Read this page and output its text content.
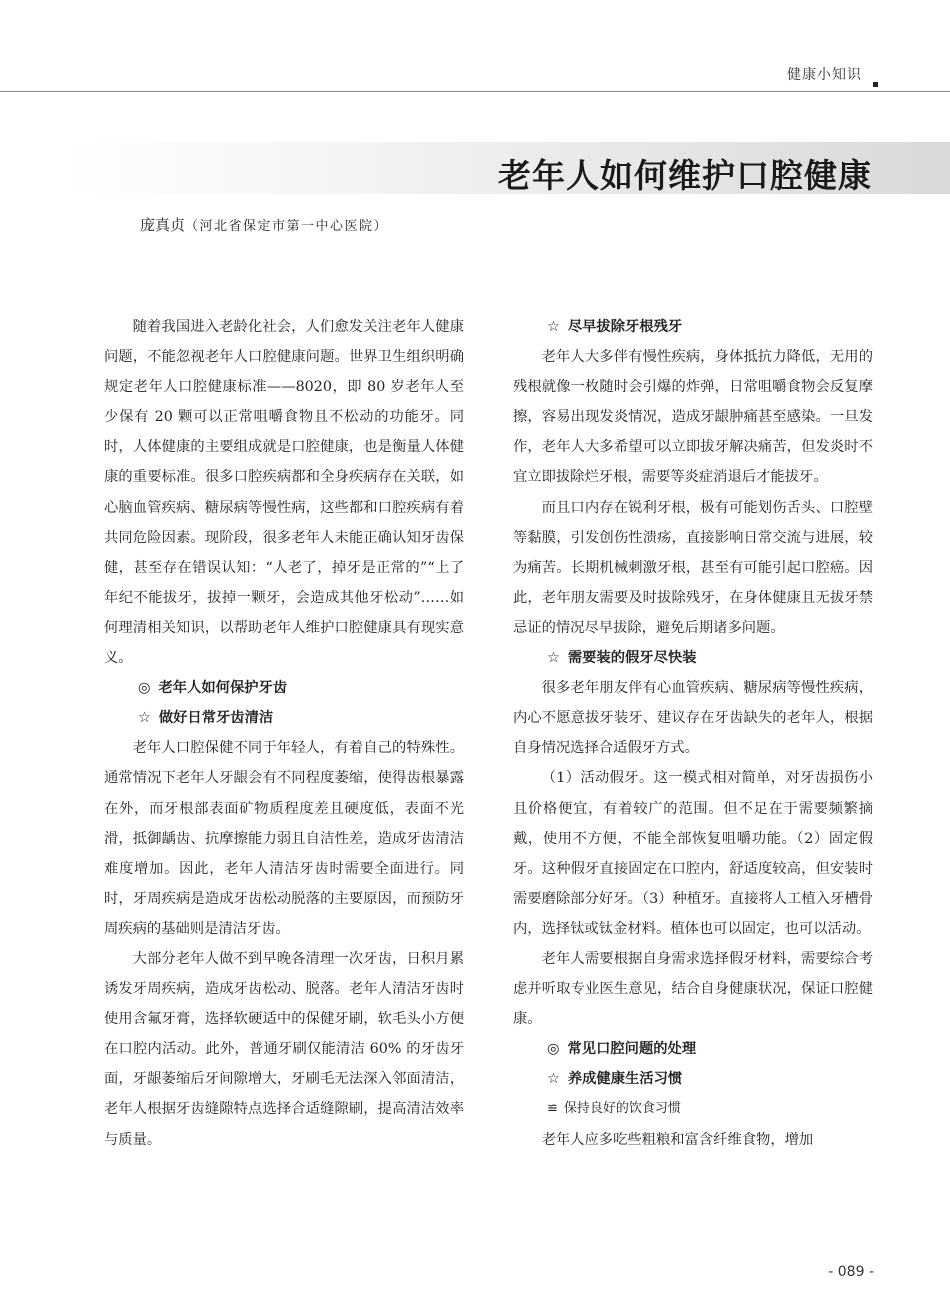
健康小知识
老年人如何维护口腔健康
庞真贞（河北省保定市第一中心医院）

随着我国进入老龄化社会，人们愈发关注老年人健康问题，不能忽视老年人口腔健康问题。世界卫生组织明确规定老年人口腔健康标准——8020，即 80 岁老年人至少保有 20 颗可以正常咀嚼食物且不松动的功能牙。同时，人体健康的主要组成就是口腔健康，也是衡量人体健康的重要标准。很多口腔疾病都和全身疾病存在关联，如心脑血管疾病、糖尿病等慢性病，这些都和口腔疾病有着共同危险因素。现阶段，很多老年人未能正确认知牙齿保健，甚至存在错误认知：“人老了，掉牙是正常的”“上了年纪不能拔牙，拔掉一颗牙，会造成其他牙松动”……如何理清相关知识，以帮助老年人维护口腔健康具有现实意义。

◎ 老年人如何保护牙齿
☆ 做好日常牙齿清洁

老年人口腔保健不同于年轻人，有着自己的特殊性。通常情况下老年人牙龈会有不同程度萎缩，使得齿根暴露在外，而牙根部表面矿物质程度差且硬度低，表面不光滑，抵御龋齿、抗摩擦能力弱且自洁性差，造成牙齿清洁难度增加。因此，老年人清洁牙齿时需要全面进行。同时，牙周疾病是造成牙齿松动脱落的主要原因，而预防牙周疾病的基础则是清洁牙齿。

大部分老年人做不到早晚各清理一次牙齿，日积月累诱发牙周疾病，造成牙齿松动、脱落。老年人清洁牙齿时使用含氟牙膏，选择软硬适中的保健牙刷，软毛头小方便在口腔内活动。此外，普通牙刷仅能清洁 60% 的牙齿牙面，牙龈萎缩后牙间隙增大，牙刷毛无法深入邻面清洁，老年人根据牙齿缝隙特点选择合适缝隙刷，提高清洁效率与质量。

☆ 尽早拔除牙根残牙

老年人大多伴有慢性疾病，身体抵抗力降低，无用的残根就像一枚随时会引爆的炸弹，日常咀嚼食物会反复摩擦，容易出现发炎情况，造成牙龈肿痛甚至感染。一旦发作，老年人大多希望可以立即拔牙解决痛苦，但发炎时不宜立即拔除烂牙根，需要等炎症消退后才能拔牙。

而且口内存在锐利牙根，极有可能划伤舌头、口腔壁等黏膜，引发创伤性溃疡，直接影响日常交流与进展，较为痛苦。长期机械刺激牙根，甚至有可能引起口腔癌。因此，老年朋友需要及时拔除残牙，在身体健康且无拔牙禁忌证的情况尽早拔除，避免后期诸多问题。

☆ 需要装的假牙尽快装

很多老年朋友伴有心血管疾病、糖尿病等慢性疾病，内心不愿意拔牙装牙、建议存在牙齿缺失的老年人，根据自身情况选择合适假牙方式。

（1）活动假牙。这一模式相对简单，对牙齿损伤小且价格便宜，有着较广的范围。但不足在于需要频繁摘戴，使用不方便，不能全部恢复咀嚼功能。（2）固定假牙。这种假牙直接固定在口腔内，舒适度较高，但安装时需要磨除部分好牙。（3）种植牙。直接将人工植入牙槽骨内，选择钛或钛金材料。植体也可以固定，也可以活动。

老年人需要根据自身需求选择假牙材料，需要综合考虑并听取专业医生意见，结合自身健康状况，保证口腔健康。

◎ 常见口腔问题的处理
☆ 养成健康生活习惯
≌ 保持良好的饮食习惯

老年人应多吃些粗粮和富含纤维食物，增加

- 089 -
